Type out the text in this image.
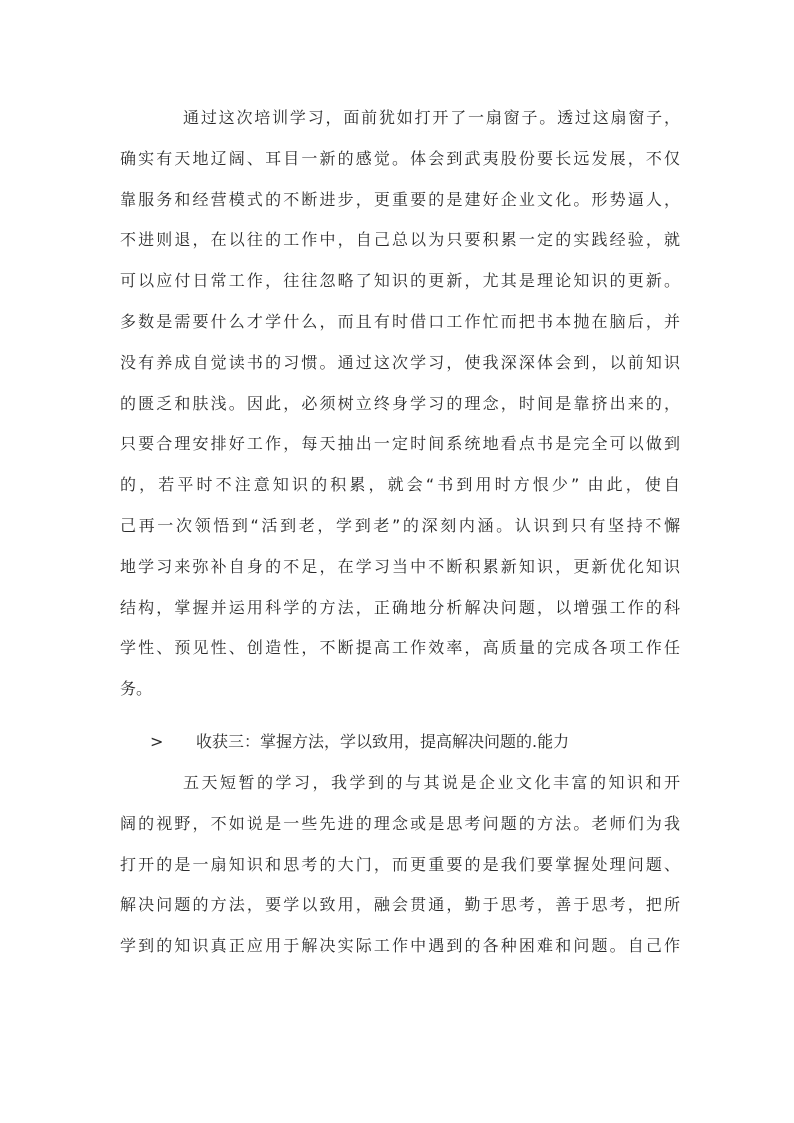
通过这次培训学习，面前犹如打开了一扇窗子。透过这扇窗子，
确实有天地辽阔、耳目一新的感觉。体会到武夷股份要长远发展，不仅
靠服务和经营模式的不断进步，更重要的是建好企业文化。形势逼人，
不进则退，在以往的工作中，自己总以为只要积累一定的实践经验，就
可以应付日常工作，往往忽略了知识的更新，尤其是理论知识的更新。
多数是需要什么才学什么，而且有时借口工作忙而把书本抛在脑后，并
没有养成自觉读书的习惯。通过这次学习，使我深深体会到，以前知识
的匮乏和肤浅。因此，必须树立终身学习的理念，时间是靠挤出来的，
只要合理安排好工作，每天抽出一定时间系统地看点书是完全可以做到
的，若平时不注意知识的积累，就会“书到用时方恨少” 由此，使自
己再一次领悟到“活到老，学到老”的深刻内涵。认识到只有坚持不懈
地学习来弥补自身的不足，在学习当中不断积累新知识，更新优化知识
结构，掌握并运用科学的方法，正确地分析解决问题，以增强工作的科
学性、预见性、创造性，不断提高工作效率，高质量的完成各项工作任
务。
> 收获三：掌握方法，学以致用，提高解决问题的.能力
五天短暂的学习，我学到的与其说是企业文化丰富的知识和开
阔的视野，不如说是一些先进的理念或是思考问题的方法。老师们为我
打开的是一扇知识和思考的大门，而更重要的是我们要掌握处理问题、
解决问题的方法，要学以致用，融会贯通，勤于思考，善于思考，把所
学到的知识真正应用于解决实际工作中遇到的各种困难和问题。自己作
